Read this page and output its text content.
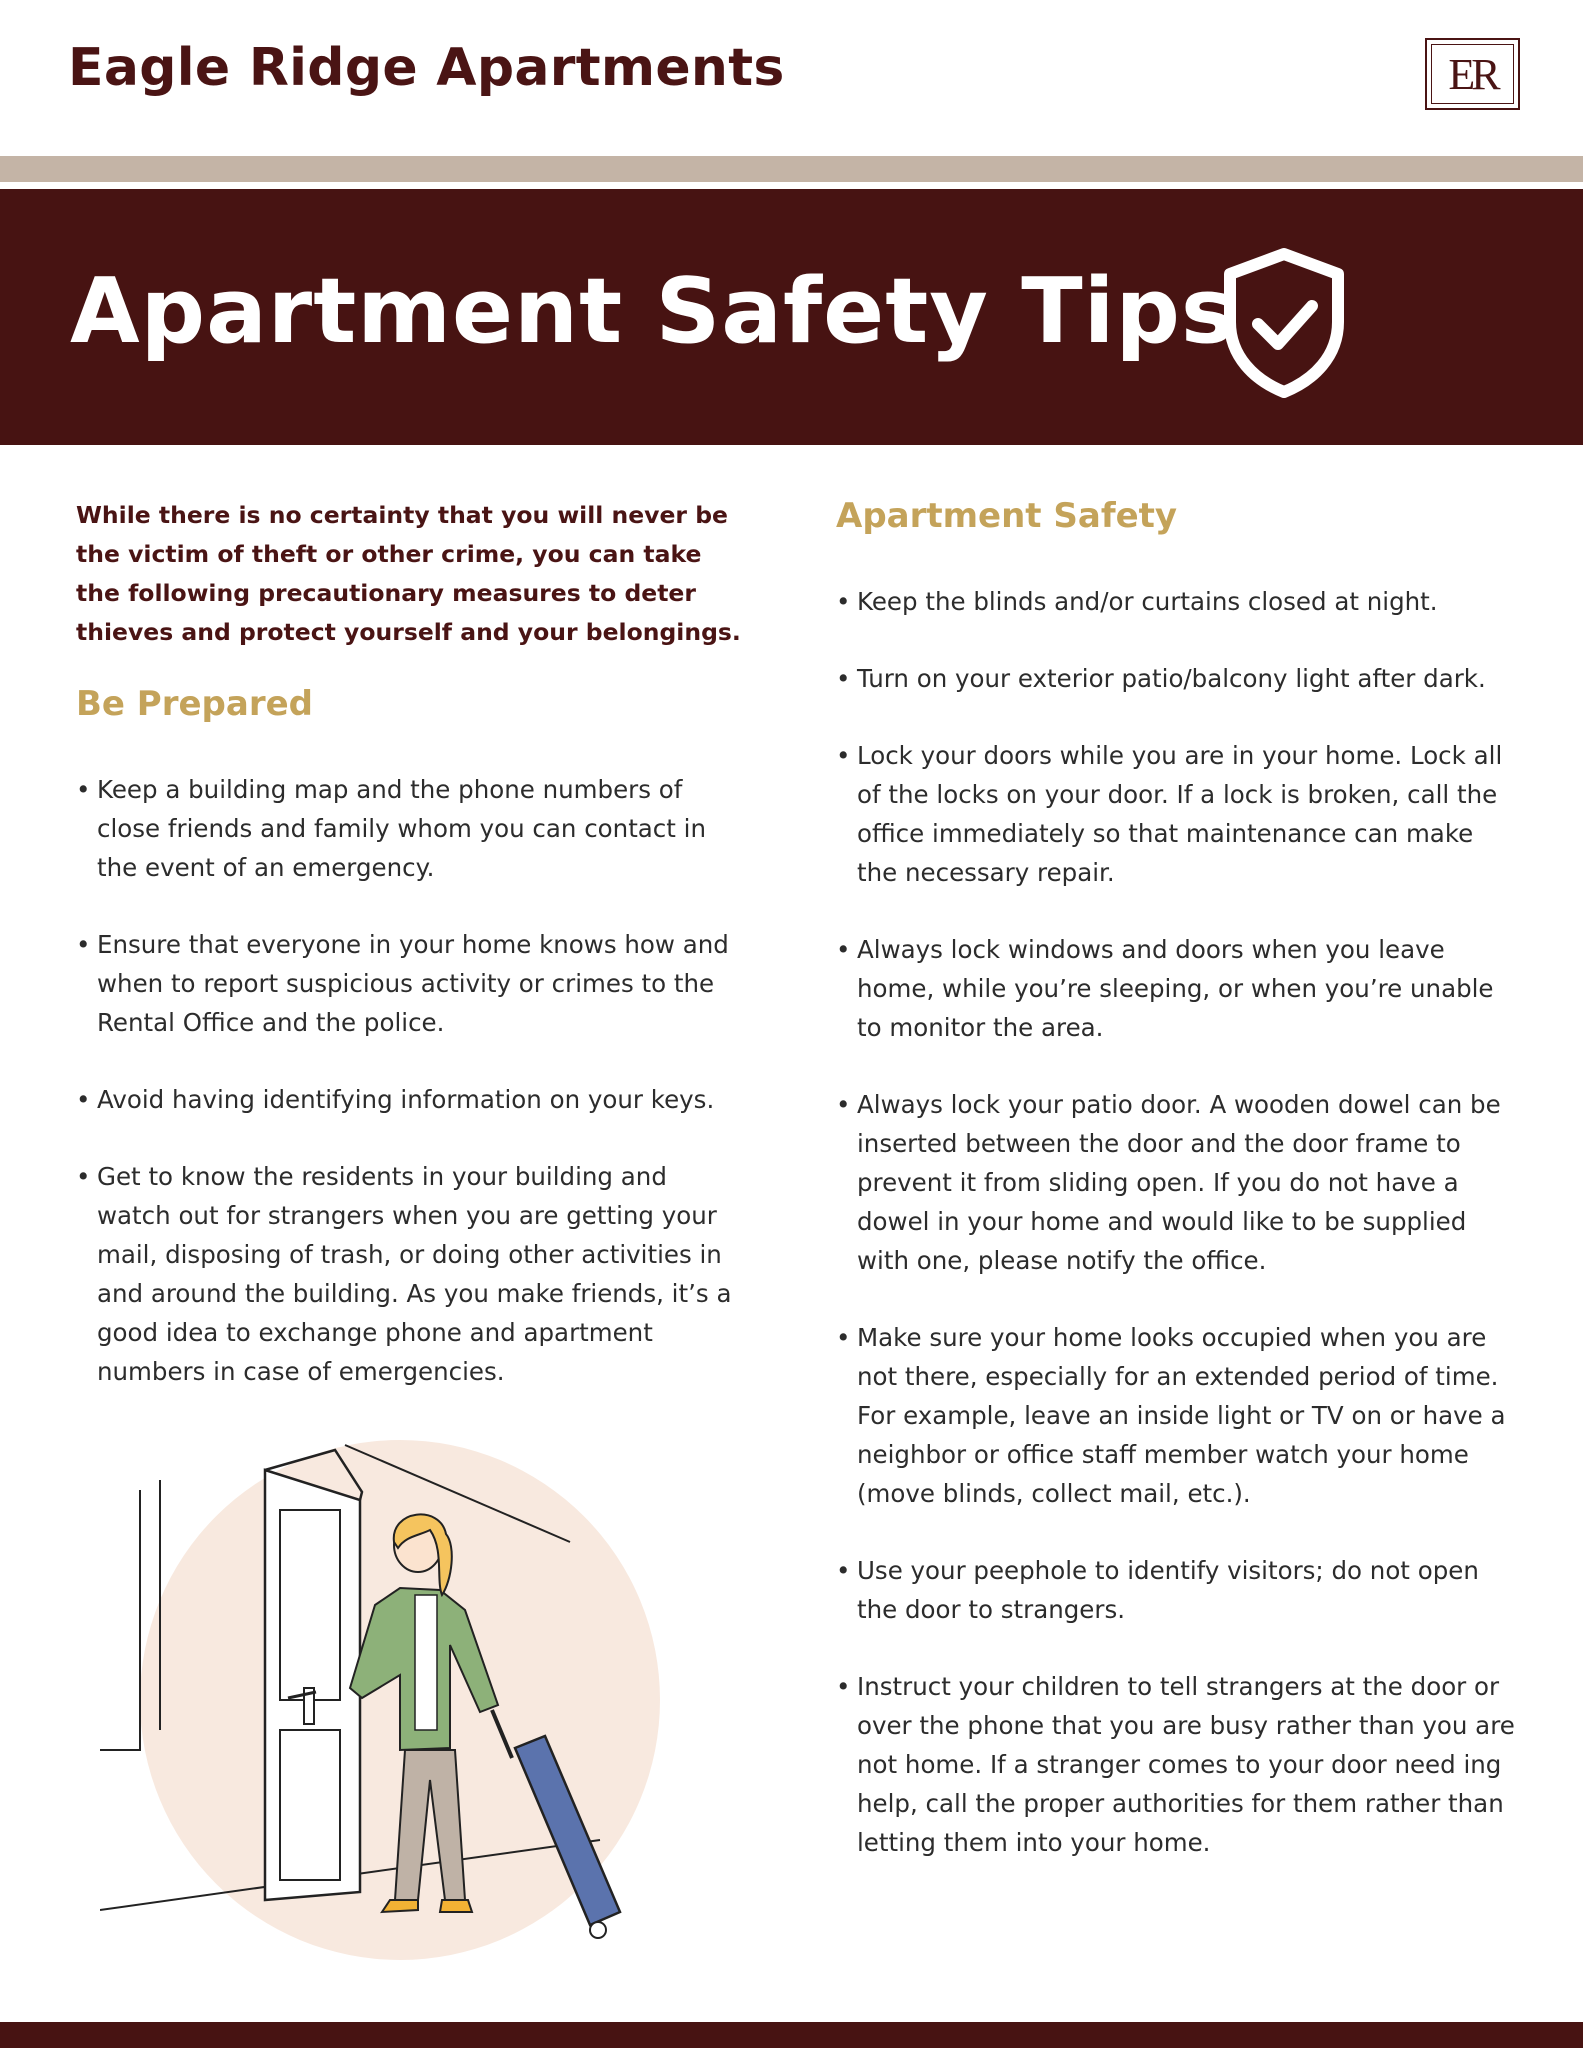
Eagle Ridge Apartments	ER
Apartment Safety Tips

While there is no certainty that you will never be the victim of theft or other crime, you can take the following precautionary measures to deter thieves and protect yourself and your belongings.

Be Prepared
• Keep a building map and the phone numbers of close friends and family whom you can contact in the event of an emergency.
• Ensure that everyone in your home knows how and when to report suspicious activity or crimes to the Rental Office and the police.
• Avoid having identifying information on your keys.
• Get to know the residents in your building and watch out for strangers when you are getting your mail, disposing of trash, or doing other activities in and around the building. As you make friends, it’s a good idea to exchange phone and apartment numbers in case of emergencies.
Apartment Safety
• Keep the blinds and/or curtains closed at night.
• Turn on your exterior patio/balcony light after dark.
• Lock your doors while you are in your home. Lock all of the locks on your door. If a lock is broken, call the office immediately so that maintenance can make the necessary repair.
• Always lock windows and doors when you leave home, while you’re sleeping, or when you’re unable to monitor the area.
• Always lock your patio door. A wooden dowel can be inserted between the door and the door frame to prevent it from sliding open. If you do not have a dowel in your home and would like to be supplied with one, please notify the office.
• Make sure your home looks occupied when you are not there, especially for an extended period of time. For example, leave an inside light or TV on or have a neighbor or office staff member watch your home (move blinds, collect mail, etc.).
• Use your peephole to identify visitors; do not open the door to strangers.
• Instruct your children to tell strangers at the door or over the phone that you are busy rather than you are not home. If a stranger comes to your door need ing help, call the proper authorities for them rather than letting them into your home.
